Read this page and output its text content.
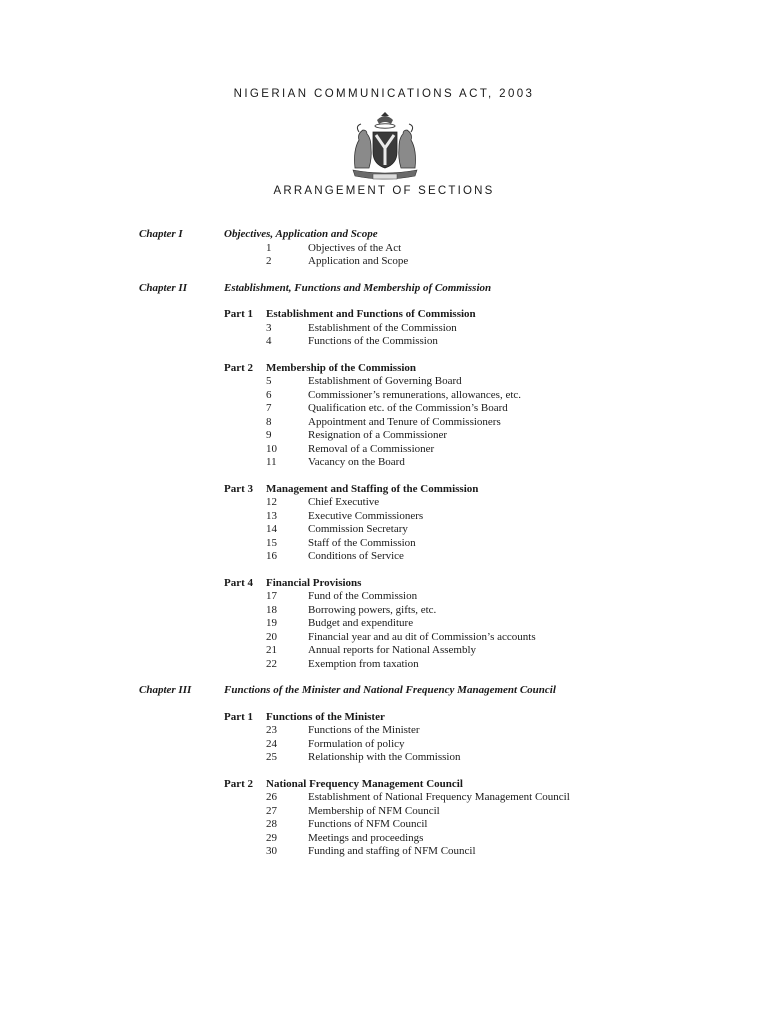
NIGERIAN COMMUNICATIONS ACT, 2003
ARRANGEMENT OF SECTIONS
Chapter I	Objectives, Application and Scope
1	Objectives of the Act
2	Application and Scope
Chapter II	Establishment, Functions and Membership of Commission
Part 1 Establishment and Functions of Commission
3	Establishment of the Commission
4	Functions of the Commission
Part 2 Membership of the Commission
5	Establishment of Governing Board
6	Commissioner’s remunerations, allowances, etc.
7	Qualification etc. of the Commission’s Board
8	Appointment and Tenure of Commissioners
9	Resignation of a Commissioner
10	Removal of a Commissioner
11	Vacancy on the Board
Part 3 Management and Staffing of the Commission
12	Chief Executive
13	Executive Commissioners
14	Commission Secretary
15	Staff of the Commission
16	Conditions of Service
Part 4 Financial Provisions
17	Fund of the Commission
18	Borrowing powers, gifts, etc.
19	Budget and expenditure
20	Financial year and au dit of Commission’s accounts
21	Annual reports for National Assembly
22	Exemption from taxation
Chapter III	Functions of the Minister and National Frequency Management Council
Part 1 Functions of the Minister
23	Functions of the Minister
24	Formulation of policy
25	Relationship with the Commission
Part 2 National Frequency Management Council
26	Establishment of National Frequency Management Council
27	Membership of NFM Council
28	Functions of NFM Council
29	Meetings and proceedings
30	Funding and staffing of NFM Council
